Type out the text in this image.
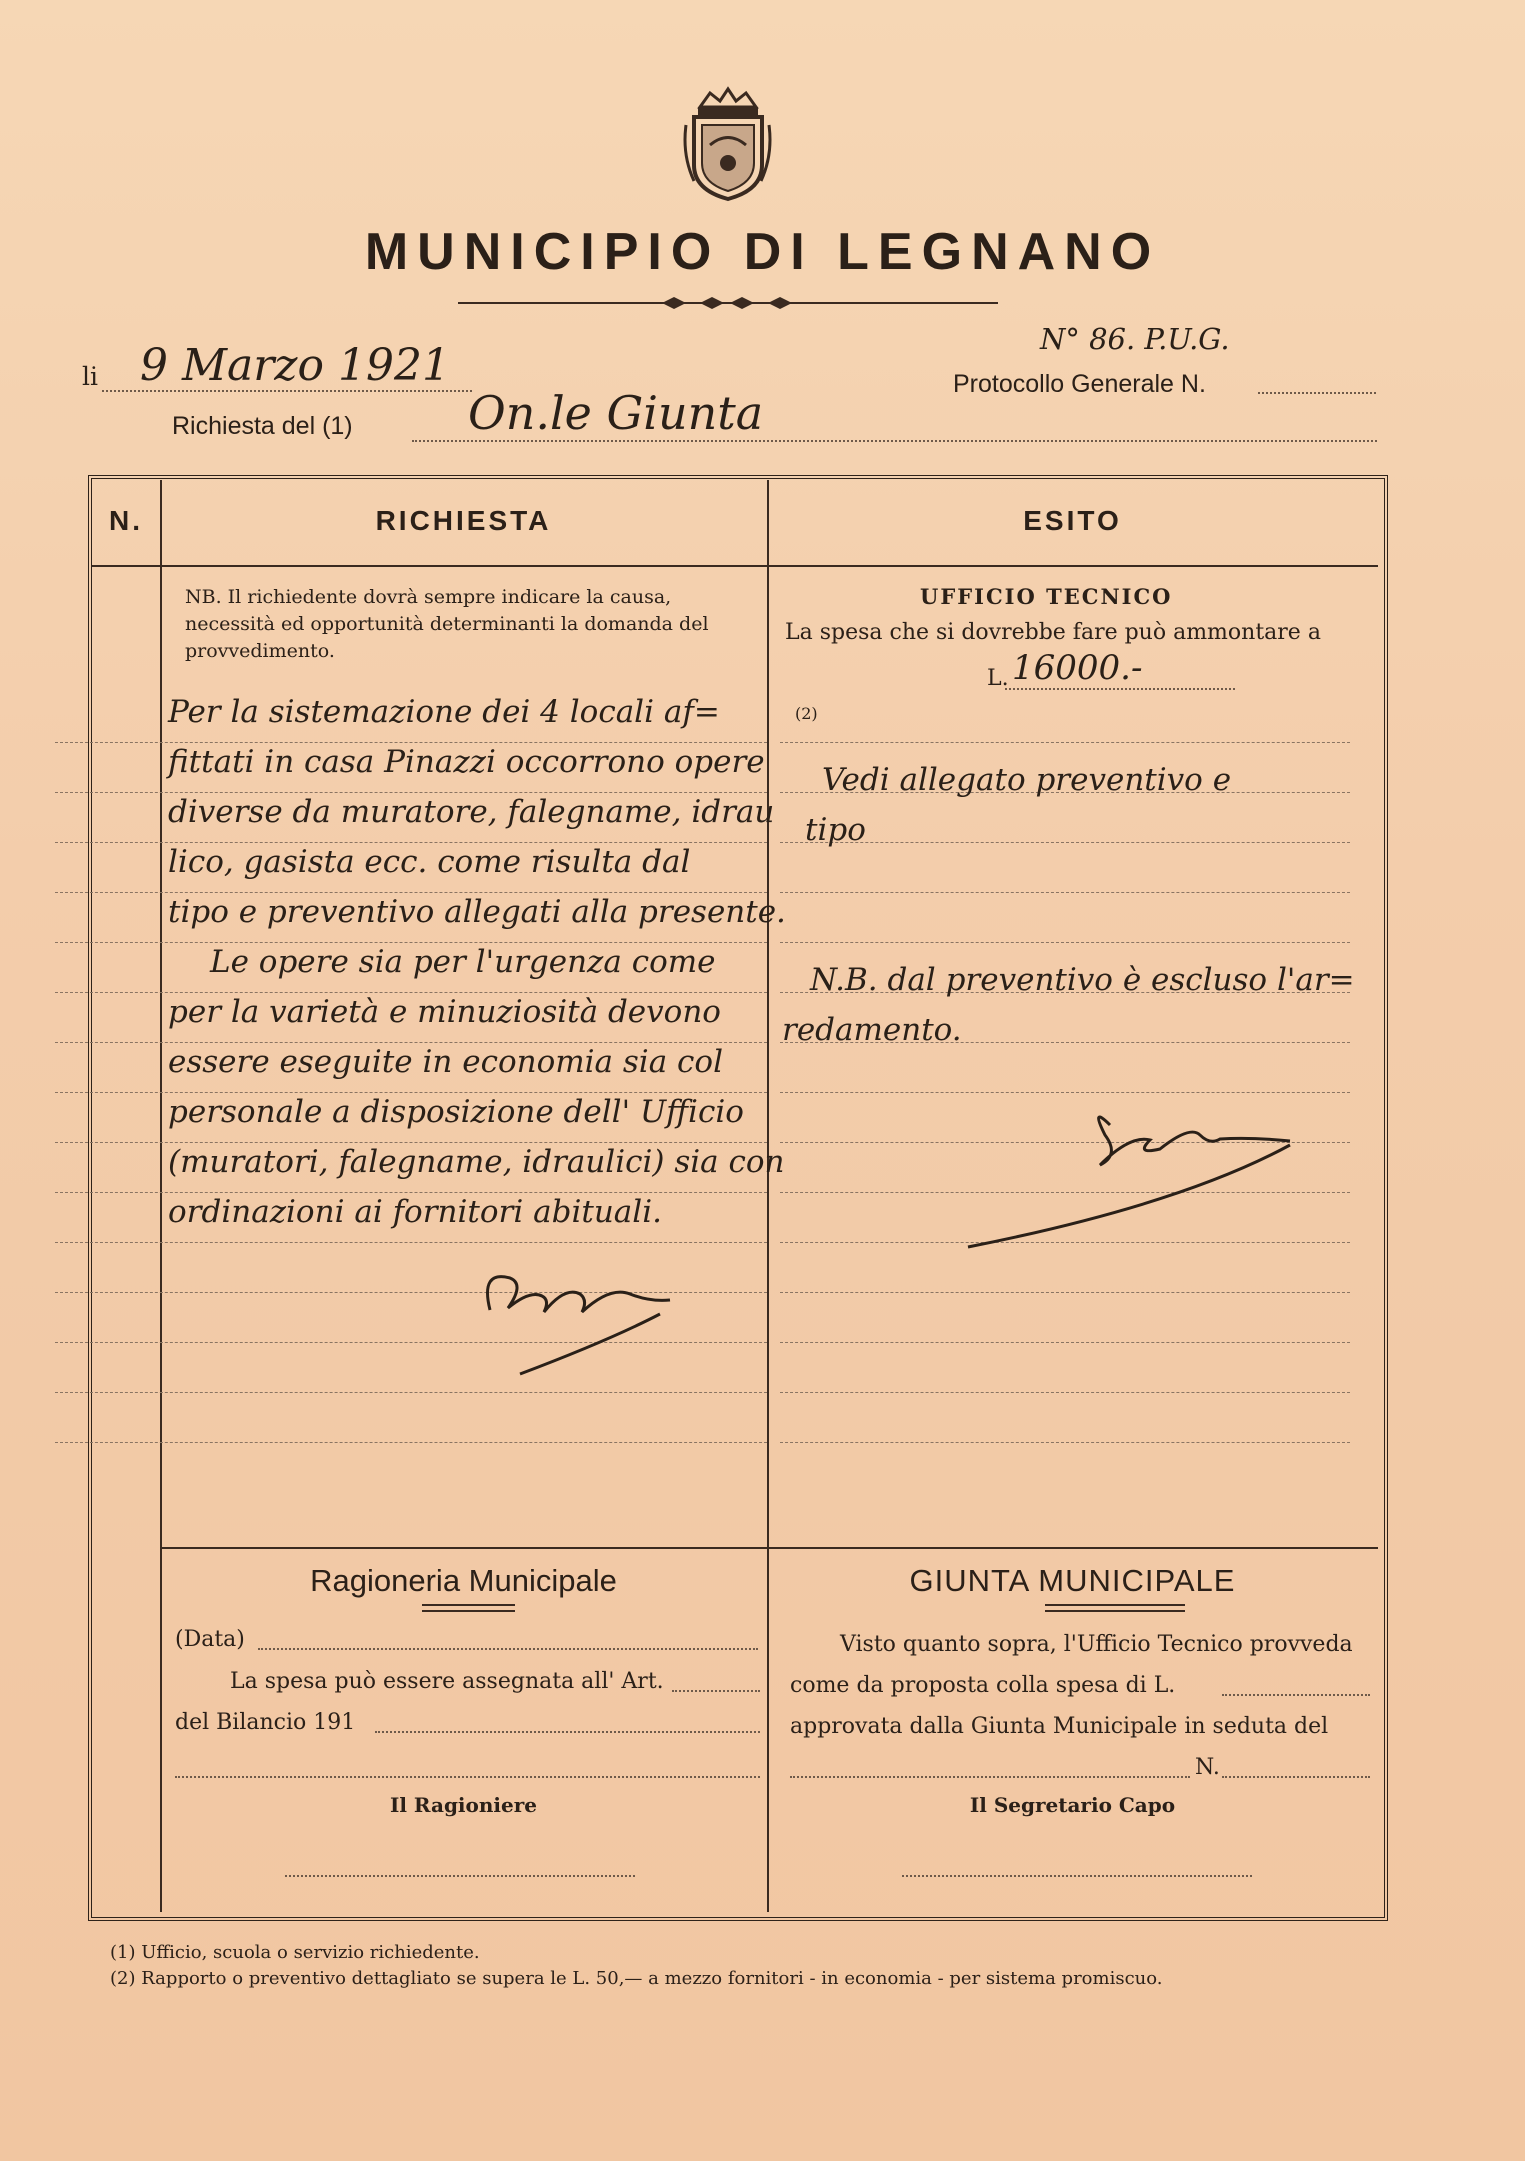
MUNICIPIO DI LEGNANO
N° 86. P.U.G.
Protocollo Generale N.
li 9 Marzo 1921
Richiesta del (1)	On.le Giunta
N.	RICHIESTA	ESITO
NB. Il richiedente dovrà sempre indicare la causa, necessità ed opportunità determinanti la domanda del provvedimento.
Per la sistemazione dei 4 locali af=
fittati in casa Pinazzi occorrono opere
diverse da muratore, falegname, idrau
lico, gasista ecc. come risulta dal
tipo e preventivo allegati alla presente.
Le opere sia per l'urgenza come
per la varietà e minuziosità devono
essere eseguite in economia sia col
personale a disposizione dell' Ufficio
(muratori, falegname, idraulici) sia con
ordinazioni ai fornitori abituali.
UFFICIO TECNICO
La spesa che si dovrebbe fare può ammontare a
L. 16000.-
(2)
Vedi allegato preventivo e
tipo
N.B. dal preventivo è escluso l'ar=
redamento.
Ragioneria Municipale
(Data)
La spesa può essere assegnata all' Art.
del Bilancio 191
Il Ragioniere
GIUNTA MUNICIPALE
Visto quanto sopra, l'Ufficio Tecnico provveda
come da proposta colla spesa di L.
approvata dalla Giunta Municipale in seduta del
N.
Il Segretario Capo
(1) Ufficio, scuola o servizio richiedente.
(2) Rapporto o preventivo dettagliato se supera le L. 50,— a mezzo fornitori - in economia - per sistema promiscuo.
